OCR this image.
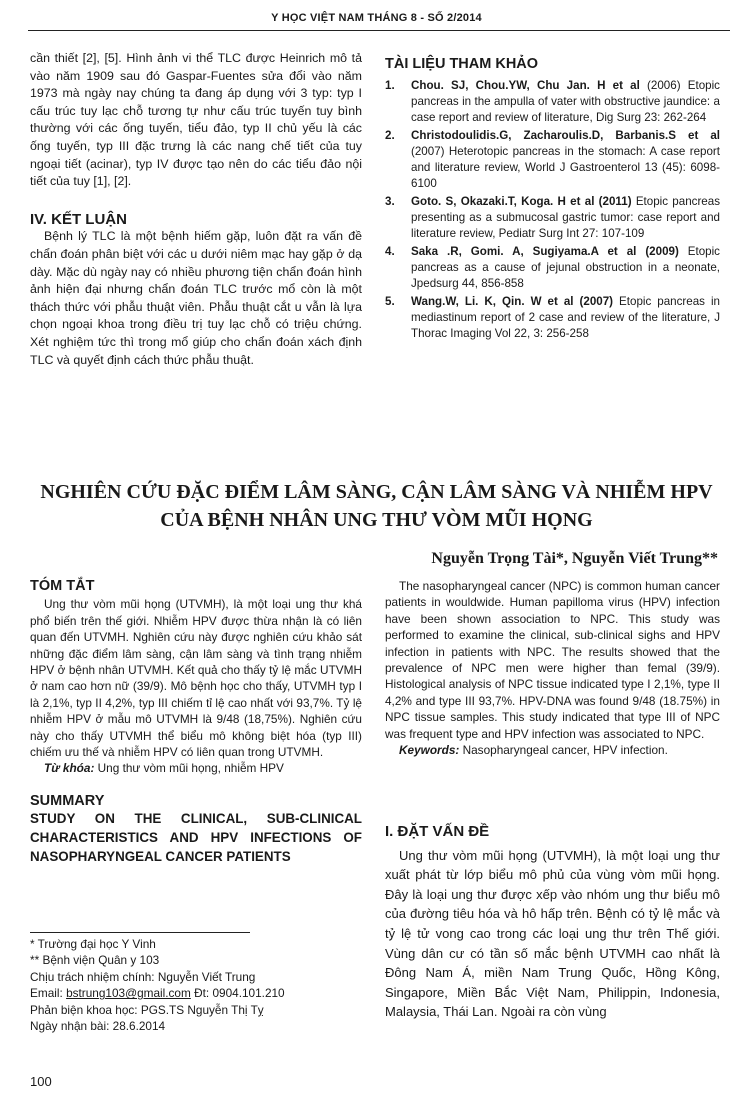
Y HỌC VIỆT NAM THÁNG 8 - SỐ 2/2014

cần thiết [2], [5]. Hình ảnh vi thể TLC được Heinrich mô tả vào năm 1909 sau đó Gaspar-Fuentes sửa đổi vào năm 1973 mà ngày nay chúng ta đang áp dụng với 3 typ: typ I cấu trúc tuy lạc chỗ tương tự như cấu trúc tuyến tuy bình thường với các ống tuyến, tiểu đảo, typ II chủ yếu là các ống tuyến, typ III đặc trưng là các nang chế tiết của tuy ngoại tiết (acinar), typ IV được tạo nên do các tiểu đảo nội tiết của tuy [1], [2].

IV. KẾT LUẬN

Bệnh lý TLC là một bệnh hiếm gặp, luôn đặt ra vấn đề chẩn đoán phân biệt với các u dưới niêm mạc hay gặp ở dạ dày. Mặc dù ngày nay có nhiều phương tiện chẩn đoán hình ảnh hiện đại nhưng chẩn đoán TLC trước mổ còn là một thách thức với phẫu thuật viên. Phẫu thuật cắt u vẫn là lựa chọn ngoại khoa trong điều trị tuy lạc chỗ có triệu chứng. Xét nghiệm tức thì trong mổ giúp cho chẩn đoán xách định TLC và quyết định cách thức phẫu thuật.

TÀI LIỆU THAM KHẢO
1. Chou. SJ, Chou.YW, Chu Jan. H et al (2006) Etopic pancreas in the ampulla of vater with obstructive jaundice: a case report and review of literature, Dig Surg 23: 262-264
2. Christodoulidis.G, Zacharoulis.D, Barbanis.S et al (2007) Heterotopic pancreas in the stomach: A case report and literature review, World J Gastroenterol 13 (45): 6098-6100
3. Goto. S, Okazaki.T, Koga. H et al (2011) Etopic pancreas presenting as a submucosal gastric tumor: case report and literature review, Pediatr Surg Int 27: 107-109
4. Saka .R, Gomi. A, Sugiyama.A et al (2009) Etopic pancreas as a cause of jejunal obstruction in a neonate, Jpedsurg 44, 856-858
5. Wang.W, Li. K, Qin. W et al (2007) Etopic pancreas in mediastinum report of 2 case and review of the literature, J Thorac Imaging Vol 22, 3: 256-258
NGHIÊN CỨU ĐẶC ĐIỂM LÂM SÀNG, CẬN LÂM SÀNG VÀ NHIỄM HPV
CỦA BỆNH NHÂN UNG THƯ VÒM MŨI HỌNG
Nguyễn Trọng Tài*, Nguyễn Viết Trung**
TÓM TẮT

Ung thư vòm mũi họng (UTVMH), là một loại ung thư khá phổ biến trên thế giới. Nhiễm HPV được thừa nhận là có liên quan đến UTVMH. Nghiên cứu này được nghiên cứu khảo sát những đặc điểm lâm sàng, cận lâm sàng và tình trạng nhiễm HPV ở bệnh nhân UTVMH. Kết quả cho thấy tỷ lệ mắc UTVMH ở nam cao hơn nữ (39/9). Mô bệnh học cho thấy, UTVMH typ I là 2,1%, typ II 4,2%, typ III chiếm tỉ lệ cao nhất với 93,7%. Tỷ lệ nhiễm HPV ở mẫu mô UTVMH là 9/48 (18,75%). Nghiên cứu này cho thấy UTVMH thể biểu mô không biệt hóa (typ III) chiếm ưu thế và nhiễm HPV có liên quan trong UTVMH.

Từ khóa: Ung thư vòm mũi họng, nhiễm HPV

SUMMARY

STUDY ON THE CLINICAL, SUB-CLINICAL CHARACTERISTICS AND HPV INFECTIONS OF NASOPHARYNGEAL CANCER PATIENTS

The nasopharyngeal cancer (NPC) is common human cancer patients in wouldwide. Human papilloma virus (HPV) infection have been shown association to NPC. This study was performed to examine the clinical, sub-clinical sighs and HPV infection in patients with NPC. The results showed that the prevalence of NPC men were higher than femal (39/9). Histological analysis of NPC tissue indicated type I 2,1%, type II 4,2% and type III 93,7%. HPV-DNA was found 9/48 (18.75%) in NPC tissue samples. This study indicated that type III of NPC was frequent type and HPV infection was associated to NPC.

Keywords: Nasopharyngeal cancer, HPV infection.

I. ĐẶT VẤN ĐỀ

Ung thư vòm mũi họng (UTVMH), là một loại ung thư xuất phát từ lớp biểu mô phủ của vùng vòm mũi họng. Đây là loại ung thư được xếp vào nhóm ung thư biểu mô của đường tiêu hóa và hô hấp trên. Bệnh có tỷ lệ mắc và tỷ lệ tử vong cao trong các loại ung thư trên Thế giới. Vùng dân cư có tần số mắc bệnh UTVMH cao nhất là Đông Nam Á, miền Nam Trung Quốc, Hồng Kông, Singapore, Miền Bắc Việt Nam, Philippin, Indonesia, Malaysia, Thái Lan. Ngoài ra còn vùng

* Trường đại học Y Vinh
** Bệnh viện Quân y 103
Chịu trách nhiệm chính: Nguyễn Viết Trung
Email: bstrung103@gmail.com Đt: 0904.101.210
Phản biện khoa học: PGS.TS Nguyễn Thị Tỵ
Ngày nhận bài: 28.6.2014
100
